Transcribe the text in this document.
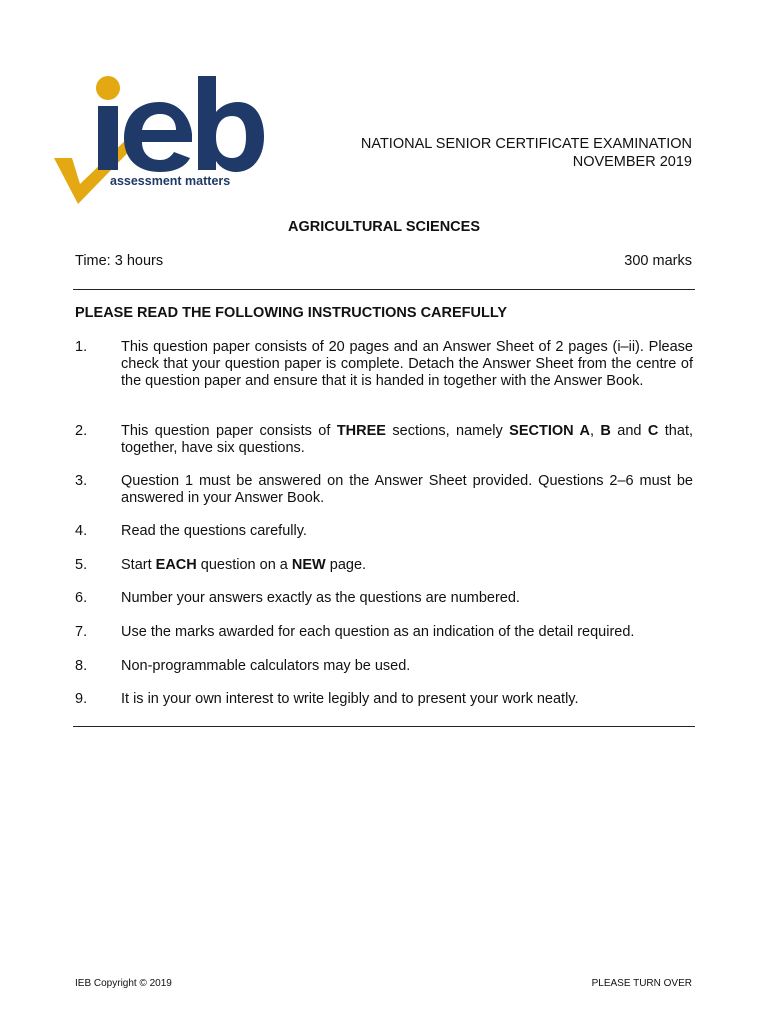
assessment matters
NATIONAL SENIOR CERTIFICATE EXAMINATION
NOVEMBER 2019
AGRICULTURAL SCIENCES
Time: 3 hours	300 marks
PLEASE READ THE FOLLOWING INSTRUCTIONS CAREFULLY
1.	This question paper consists of 20 pages and an Answer Sheet of 2 pages (i–ii). Please check that your question paper is complete. Detach the Answer Sheet from the centre of the question paper and ensure that it is handed in together with the Answer Book.
2.	This question paper consists of THREE sections, namely SECTION A, B and C that, together, have six questions.
3.	Question 1 must be answered on the Answer Sheet provided. Questions 2–6 must be answered in your Answer Book.
4.	Read the questions carefully.
5.	Start EACH question on a NEW page.
6.	Number your answers exactly as the questions are numbered.
7.	Use the marks awarded for each question as an indication of the detail required.
8.	Non-programmable calculators may be used.
9.	It is in your own interest to write legibly and to present your work neatly.
IEB Copyright © 2019	PLEASE TURN OVER
